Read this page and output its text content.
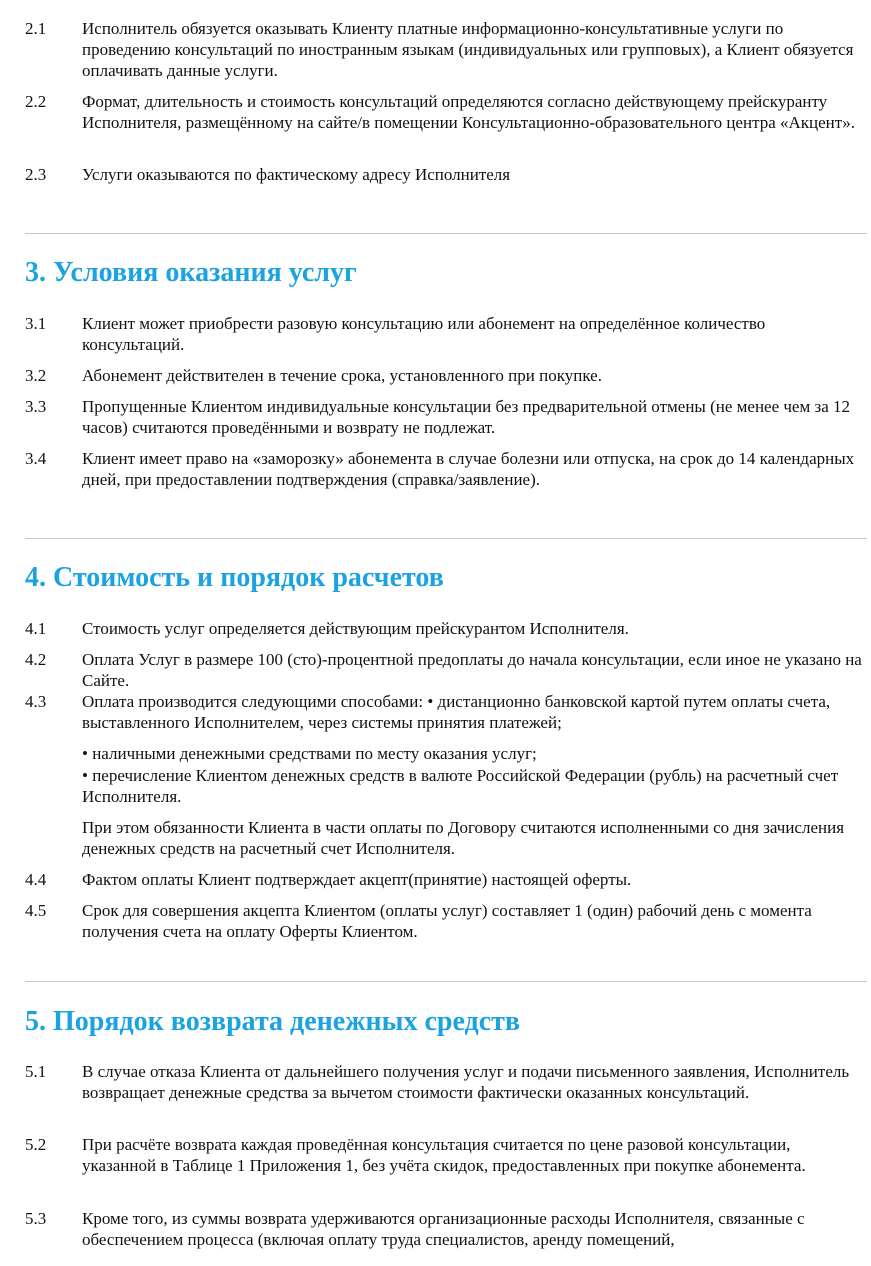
2.1	Исполнитель обязуется оказывать Клиенту платные информационно-консультативные услуги по проведению консультаций по иностранным языкам (индивидуальных или групповых), а Клиент обязуется оплачивать данные услуги.
2.2	Формат, длительность и стоимость консультаций определяются согласно действующему прейскуранту Исполнителя, размещённому на сайте/в помещении Консультационно-образовательного центра «Акцент».
2.3	Услуги оказываются по фактическому адресу Исполнителя
3. Условия оказания услуг
3.1	Клиент может приобрести разовую консультацию или абонемент на определённое количество консультаций.
3.2	Абонемент действителен в течение срока, установленного при покупке.
3.3	Пропущенные Клиентом индивидуальные консультации без предварительной отмены (не менее чем за 12 часов) считаются проведёнными и возврату не подлежат.
3.4	Клиент имеет право на «заморозку» абонемента в случае болезни или отпуска, на срок до 14 календарных дней, при предоставлении подтверждения (справка/заявление).
4. Стоимость и порядок расчетов
4.1	Стоимость услуг определяется действующим прейскурантом Исполнителя.
4.2	Оплата Услуг в размере 100 (сто)-процентной предоплаты до начала консультации, если иное не указано на Сайте.
4.3	Оплата производится следующими способами: • дистанционно банковской картой путем оплаты счета, выставленного Исполнителем, через системы принятия платежей;
• наличными денежными средствами по месту оказания услуг;
• перечисление Клиентом денежных средств в валюте Российской Федерации (рубль) на расчетный счет Исполнителя.
При этом обязанности Клиента в части оплаты по Договору считаются исполненными со дня зачисления денежных средств на расчетный счет Исполнителя.
4.4	Фактом оплаты Клиент подтверждает акцепт(принятие) настоящей оферты.
4.5	Срок для совершения акцепта Клиентом (оплаты услуг) составляет 1 (один) рабочий день с момента получения счета на оплату Оферты Клиентом.
5. Порядок возврата денежных средств
5.1	В случае отказа Клиента от дальнейшего получения услуг и подачи письменного заявления, Исполнитель возвращает денежные средства за вычетом стоимости фактически оказанных консультаций.
5.2	При расчёте возврата каждая проведённая консультация считается по цене разовой консультации, указанной в Таблице 1 Приложения 1, без учёта скидок, предоставленных при покупке абонемента.
5.3	Кроме того, из суммы возврата удерживаются организационные расходы Исполнителя, связанные с обеспечением процесса (включая оплату труда специалистов, аренду помещений,
